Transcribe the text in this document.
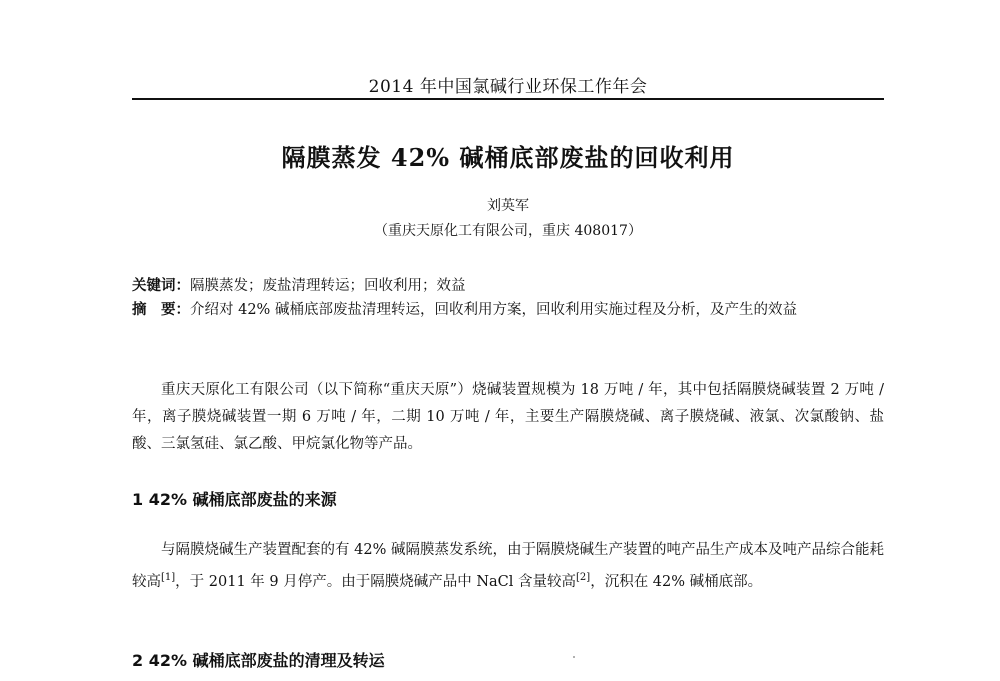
2014 年中国氯碱行业环保工作年会
隔膜蒸发 42% 碱桶底部废盐的回收利用
刘英军
（重庆天原化工有限公司，重庆 408017）
关键词：隔膜蒸发；废盐清理转运；回收利用；效益
摘　要：介绍对 42% 碱桶底部废盐清理转运，回收利用方案，回收利用实施过程及分析，及产生的效益

重庆天原化工有限公司（以下简称“重庆天原”）烧碱装置规模为 18 万吨 / 年，其中包括隔膜烧碱装置 2 万吨 / 年，离子膜烧碱装置一期 6 万吨 / 年，二期 10 万吨 / 年，主要生产隔膜烧碱、离子膜烧碱、液氯、次氯酸钠、盐酸、三氯氢硅、氯乙酸、甲烷氯化物等产品。

1 42% 碱桶底部废盐的来源

与隔膜烧碱生产装置配套的有 42% 碱隔膜蒸发系统，由于隔膜烧碱生产装置的吨产品生产成本及吨产品综合能耗较高[1]，于 2011 年 9 月停产。由于隔膜烧碱产品中 NaCl 含量较高[2]，沉积在 42% 碱桶底部。

2 42% 碱桶底部废盐的清理及转运
